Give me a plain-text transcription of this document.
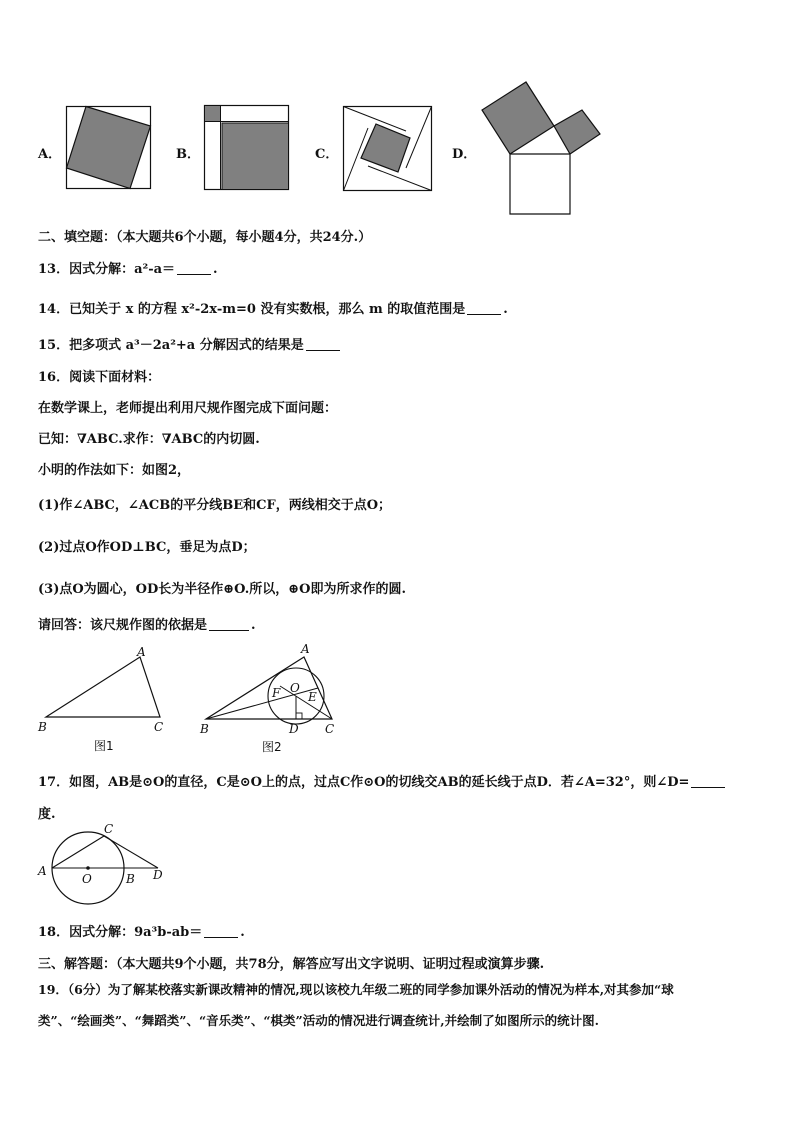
A．	B．	C．	D．
二、填空题：（本大题共6个小题，每小题4分，共24分.）
13．因式分解：a²-a＝	.
14．已知关于 x 的方程 x²-2x-m=0 没有实数根，那么 m 的取值范围是	.
15．把多项式 a³－2a²+a 分解因式的结果是
16．阅读下面材料：
在数学课上，老师提出利用尺规作图完成下面问题：
已知：∇ABC.求作：∇ABC的内切圆.
小明的作法如下：如图2，
(1)作∠ABC，∠ACB的平分线BE和CF，两线相交于点O；
(2)过点O作OD⊥BC，垂足为点D；
(3)点O为圆心，OD长为半径作⊕O.所以，⊕O即为所求作的圆.
请回答：该尺规作图的依据是	.
A
B	C
图1
A
O
F E
B	D C
图2
17．如图，AB是⊙O的直径，C是⊙O上的点，过点C作⊙O的切线交AB的延长线于点D．若∠A=32°，则∠D=
度.
A
C
O	B D
18．因式分解：9a³b-ab＝	.
三、解答题：（本大题共9个小题，共78分，解答应写出文字说明、证明过程或演算步骤.
19．（6分）为了解某校落实新课改精神的情况,现以该校九年级二班的同学参加课外活动的情况为样本,对其参加“球
类”、“绘画类”、“舞蹈类”、“音乐类”、“棋类”活动的情况进行调查统计,并绘制了如图所示的统计图.
